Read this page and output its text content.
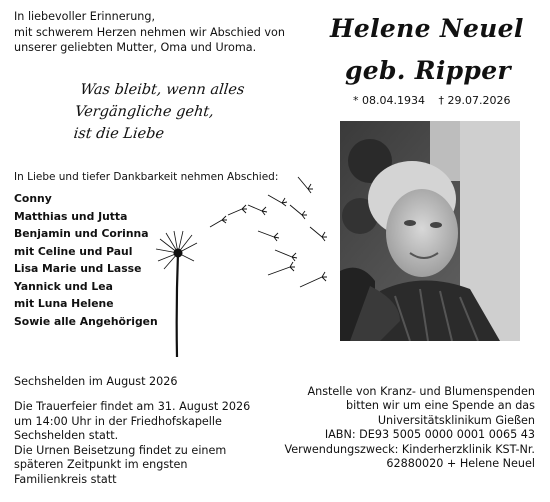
In liebevoller Erinnerung,
mit schwerem Herzen nehmen wir Abschied von
unserer geliebten Mutter, Oma und Uroma.
Was bleibt, wenn alles
Vergängliche geht,
ist die Liebe
Helene Neuel
geb. Ripper
* 08.04.1934 † 29.07.2026
In Liebe und tiefer Dankbarkeit nehmen Abschied:
Conny
Matthias und Jutta
Benjamin und Corinna
mit Celine und Paul
Lisa Marie und Lasse
Yannick und Lea
mit Luna Helene
Sowie alle Angehörigen
Sechshelden im August 2026
Die Trauerfeier findet am 31. August 2026
um 14:00 Uhr in der Friedhofskapelle
Sechshelden statt.
Die Urnen Beisetzung findet zu einem
späteren Zeitpunkt im engsten
Familienkreis statt
Anstelle von Kranz- und Blumenspenden
bitten wir um eine Spende an das
Universitätsklinikum Gießen
IABN: DE93 5005 0000 0001 0065 43
Verwendungszweck: Kinderherzklinik KST-Nr.
62880020 + Helene Neuel
